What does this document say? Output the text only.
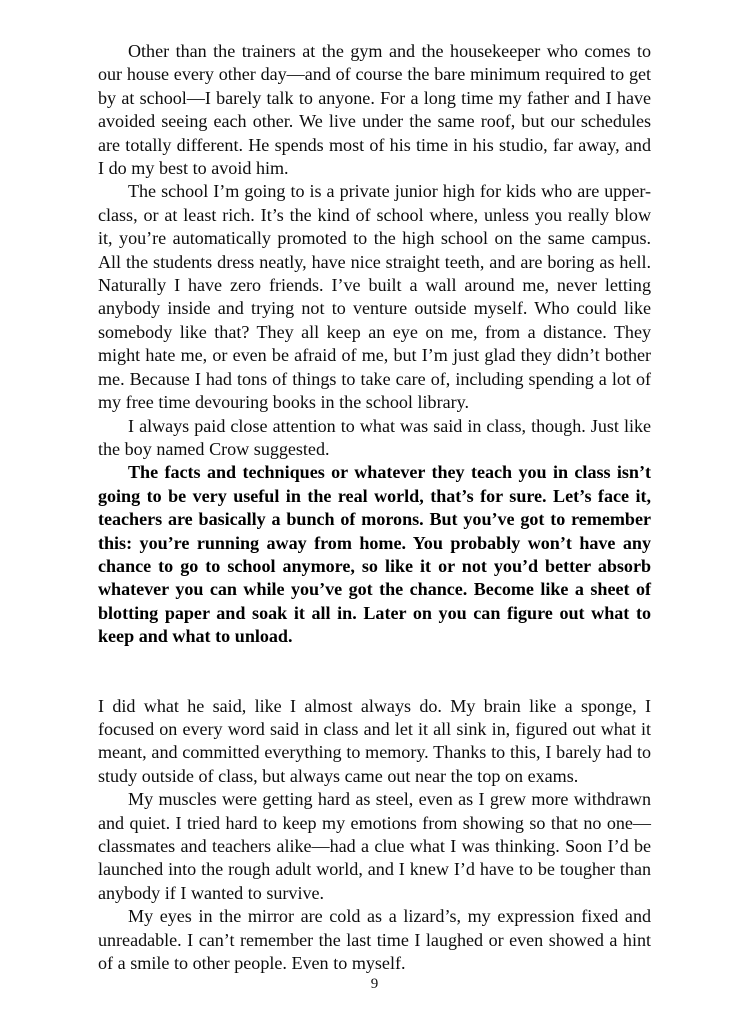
Other than the trainers at the gym and the housekeeper who comes to our house every other day—and of course the bare minimum required to get by at school—I barely talk to anyone. For a long time my father and I have avoided seeing each other. We live under the same roof, but our schedules are totally different. He spends most of his time in his studio, far away, and I do my best to avoid him.

The school I’m going to is a private junior high for kids who are upper-class, or at least rich. It’s the kind of school where, unless you really blow it, you’re automatically promoted to the high school on the same campus. All the students dress neatly, have nice straight teeth, and are boring as hell. Naturally I have zero friends. I’ve built a wall around me, never letting anybody inside and trying not to venture outside myself. Who could like somebody like that? They all keep an eye on me, from a distance. They might hate me, or even be afraid of me, but I’m just glad they didn’t bother me. Because I had tons of things to take care of, including spending a lot of my free time devouring books in the school library.

I always paid close attention to what was said in class, though. Just like the boy named Crow suggested.

The facts and techniques or whatever they teach you in class isn’t going to be very useful in the real world, that’s for sure. Let’s face it, teachers are basically a bunch of morons. But you’ve got to remember this: you’re running away from home. You probably won’t have any chance to go to school anymore, so like it or not you’d better absorb whatever you can while you’ve got the chance. Become like a sheet of blotting paper and soak it all in. Later on you can figure out what to keep and what to unload.

I did what he said, like I almost always do. My brain like a sponge, I focused on every word said in class and let it all sink in, figured out what it meant, and committed everything to memory. Thanks to this, I barely had to study outside of class, but always came out near the top on exams.

My muscles were getting hard as steel, even as I grew more withdrawn and quiet. I tried hard to keep my emotions from showing so that no one—classmates and teachers alike—had a clue what I was thinking. Soon I’d be launched into the rough adult world, and I knew I’d have to be tougher than anybody if I wanted to survive.

My eyes in the mirror are cold as a lizard’s, my expression fixed and unreadable. I can’t remember the last time I laughed or even showed a hint of a smile to other people. Even to myself.

9
